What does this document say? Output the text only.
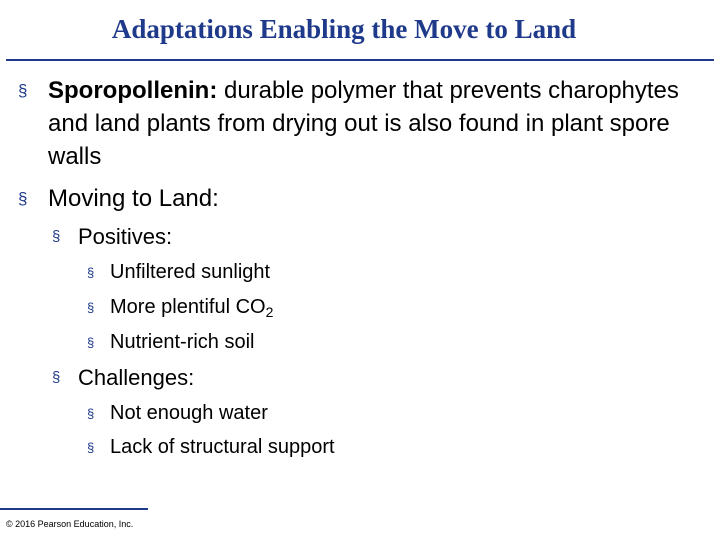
Adaptations Enabling the Move to Land
§ Sporopollenin: durable polymer that prevents charophytes and land plants from drying out is also found in plant spore walls
§ Moving to Land:
§ Positives:
§ Unfiltered sunlight
§ More plentiful $CO_2$
§ Nutrient-rich soil
§ Challenges:
§ Not enough water
§ Lack of structural support
© 2016 Pearson Education, Inc.
